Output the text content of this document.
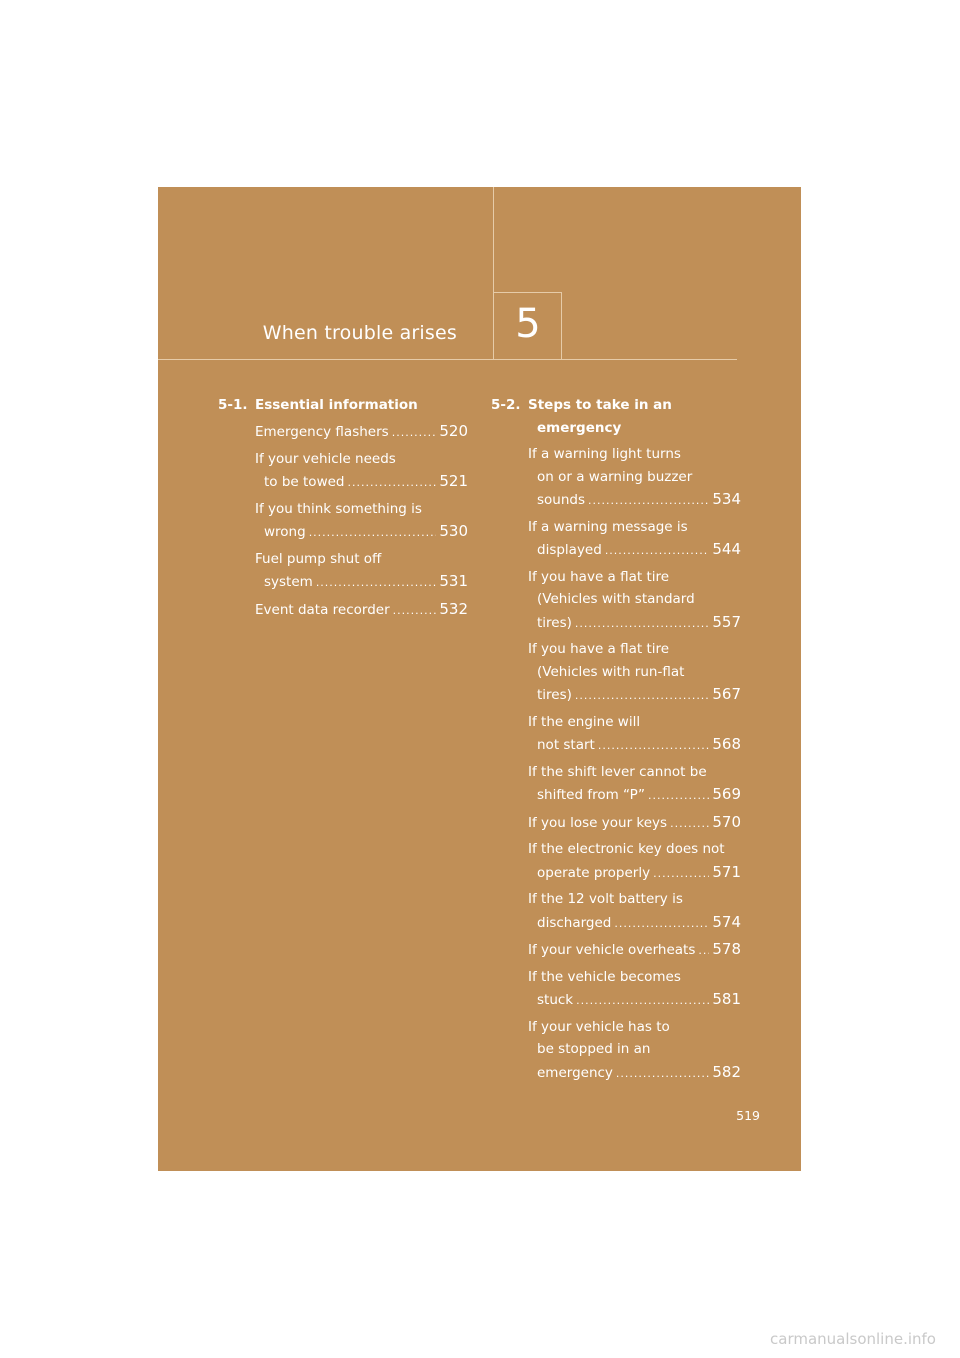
5
When trouble arises
5-1. Essential information
Emergency flashers .....	520
If your vehicle needs
to be towed .....	521
If you think something is
wrong .....	530
Fuel pump shut off
system .....	531
Event data recorder .....	532
5-2. Steps to take in an
emergency
If a warning light turns
on or a warning buzzer
sounds .....	534
If a warning message is
displayed .....	544
If you have a flat tire
(Vehicles with standard
tires) .....	557
If you have a flat tire
(Vehicles with run-flat
tires) .....	567
If the engine will
not start .....	568
If the shift lever cannot be
shifted from “P” .....	569
If you lose your keys .....	570
If the electronic key does not
operate properly .....	571
If the 12 volt battery is
discharged .....	574
If your vehicle overheats ..... 578
If the vehicle becomes
stuck .....	581
If your vehicle has to
be stopped in an
emergency .....	582
519
carmanualsonline.info
